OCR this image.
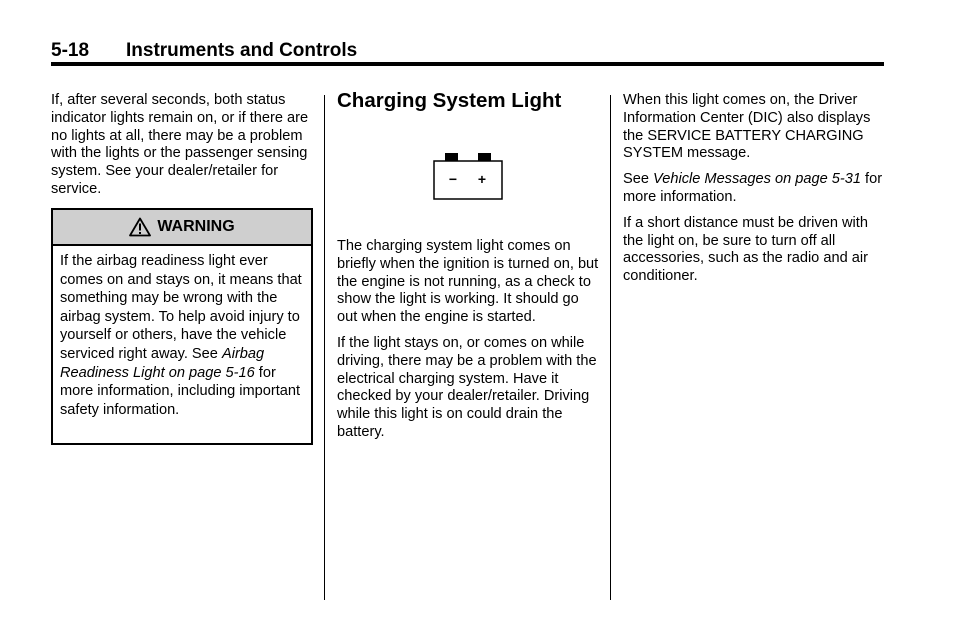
5-18 Instruments and Controls

If, after several seconds, both status indicator lights remain on, or if there are no lights at all, there may be a problem with the lights or the passenger sensing system. See your dealer/retailer for service.

WARNING
If the airbag readiness light ever comes on and stays on, it means that something may be wrong with the airbag system. To help avoid injury to yourself or others, have the vehicle serviced right away. See Airbag Readiness Light on page 5-16 for more information, including important safety information.
Charging System Light
− +

The charging system light comes on briefly when the ignition is turned on, but the engine is not running, as a check to show the light is working. It should go out when the engine is started.

If the light stays on, or comes on while driving, there may be a problem with the electrical charging system. Have it checked by your dealer/retailer. Driving while this light is on could drain the battery.

When this light comes on, the Driver Information Center (DIC) also displays the SERVICE BATTERY CHARGING SYSTEM message.

See Vehicle Messages on page 5-31 for more information.

If a short distance must be driven with the light on, be sure to turn off all accessories, such as the radio and air conditioner.
